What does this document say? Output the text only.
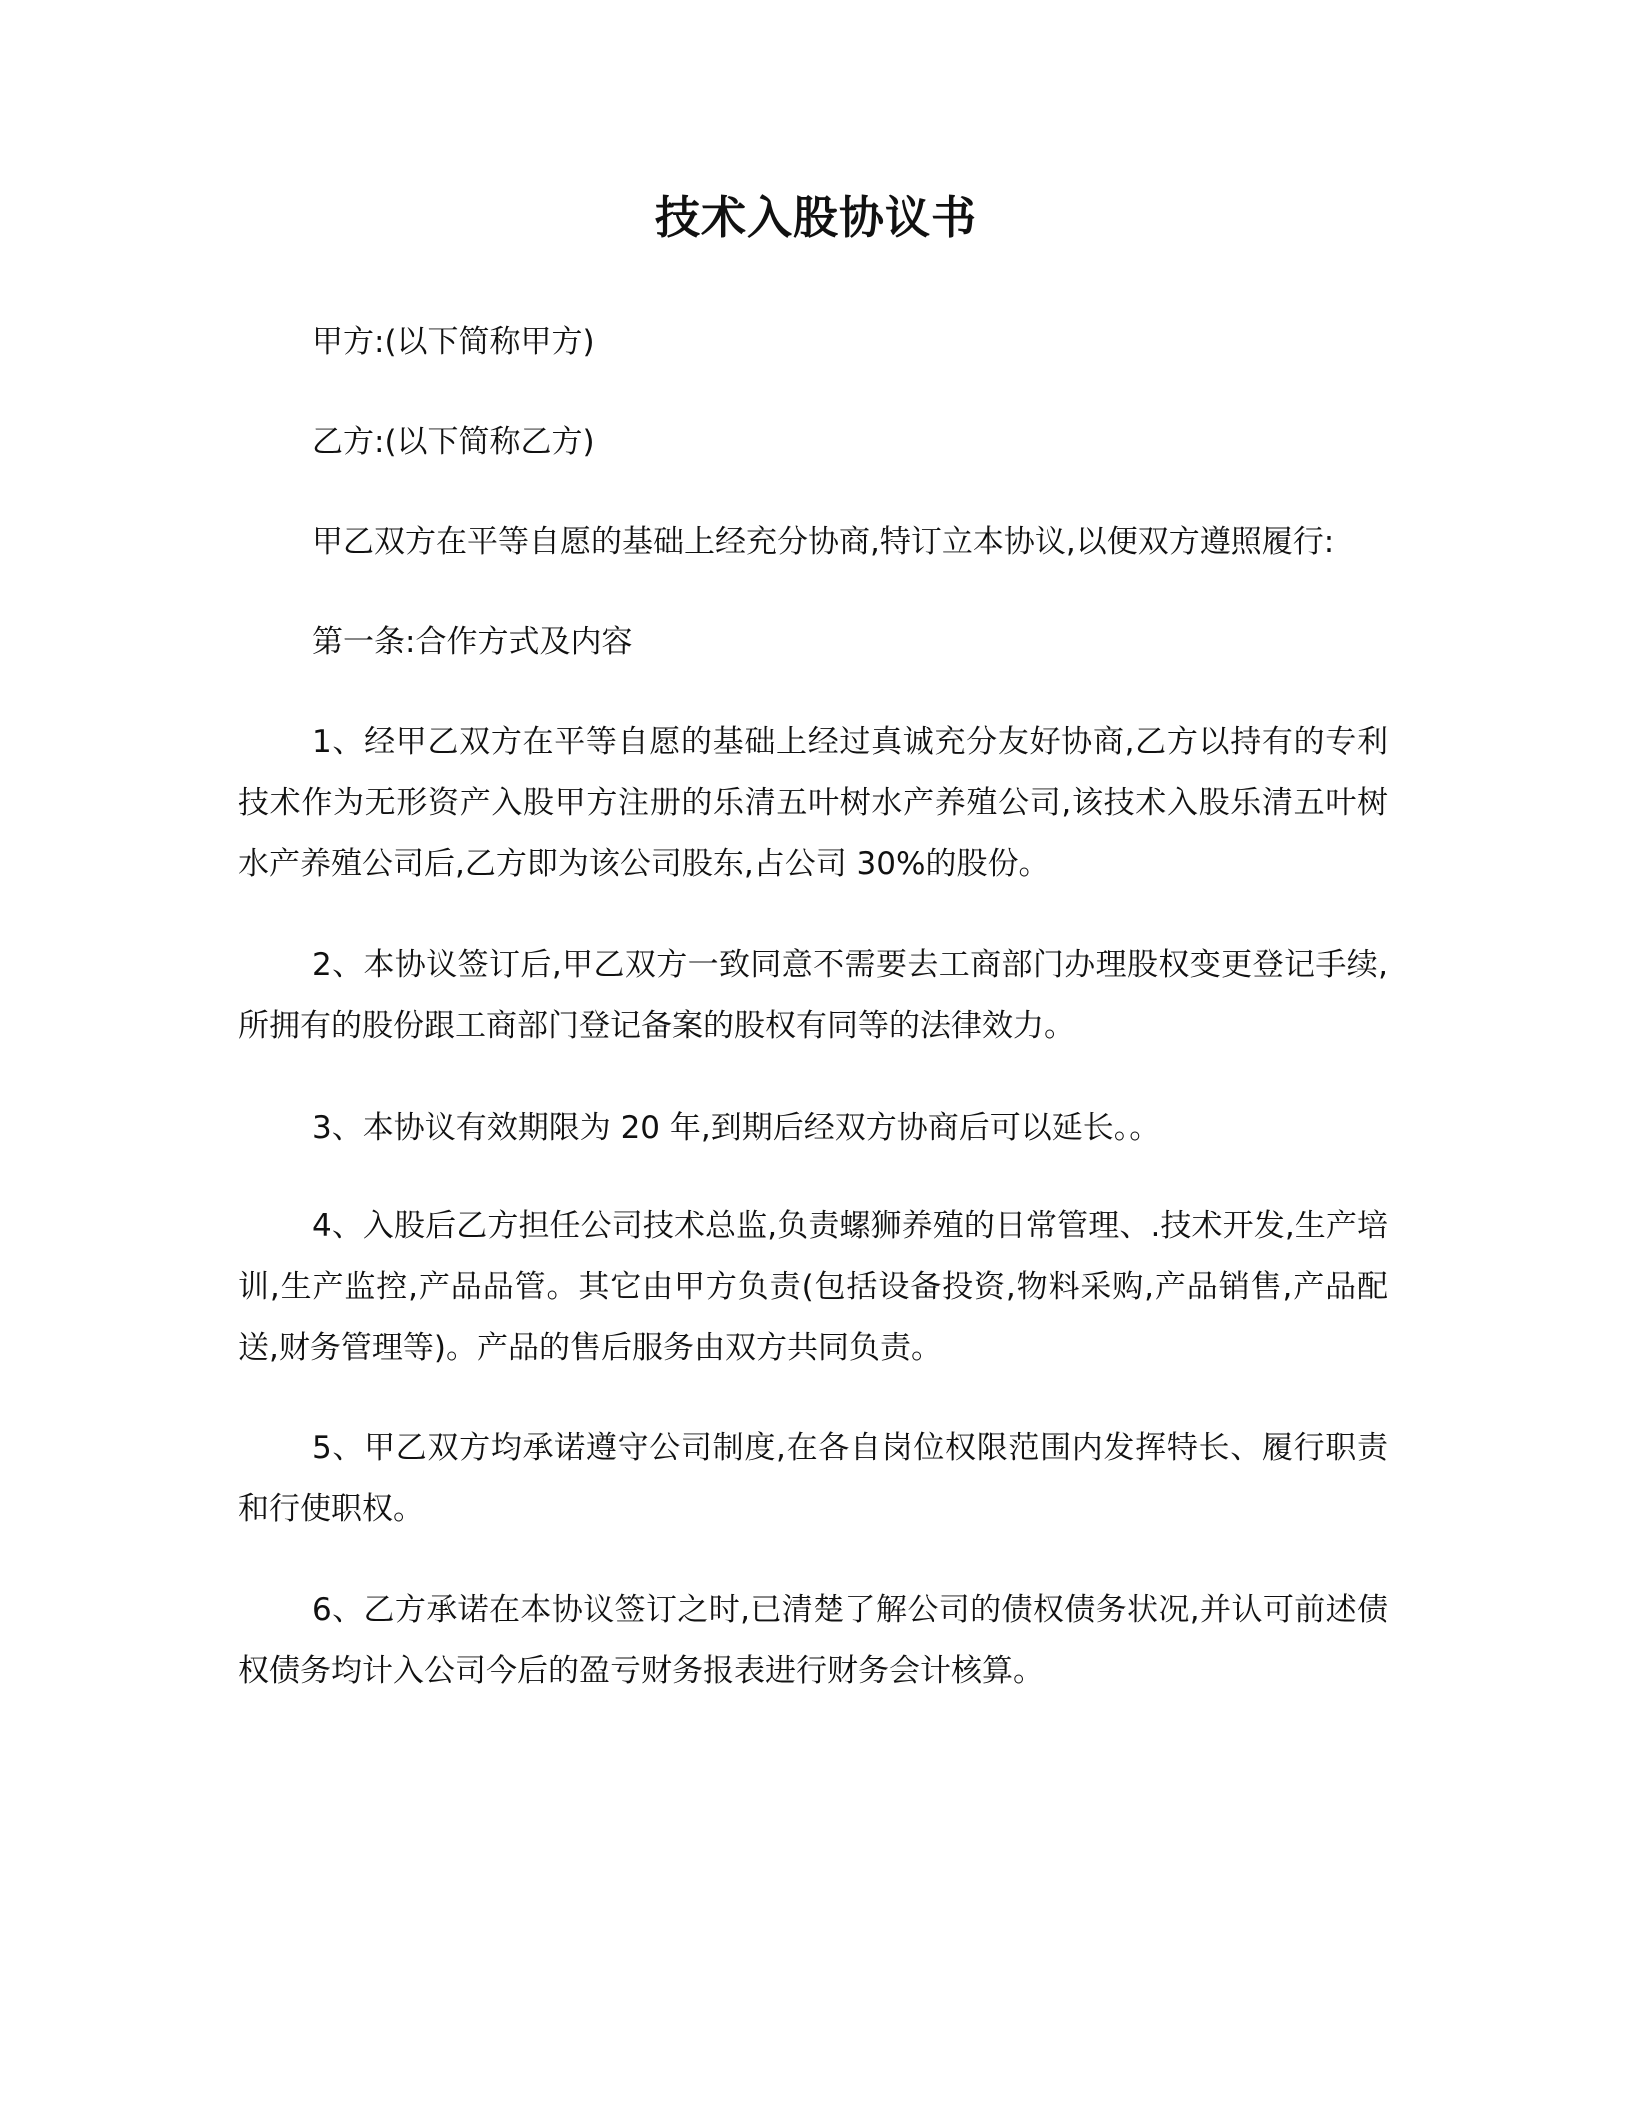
技术入股协议书

甲方:(以下简称甲方)

乙方:(以下简称乙方)

甲乙双方在平等自愿的基础上经充分协商,特订立本协议,以便双方遵照履行:

第一条:合作方式及内容

1、经甲乙双方在平等自愿的基础上经过真诚充分友好协商,乙方以持有的专利技术作为无形资产入股甲方注册的乐清五叶树水产养殖公司,该技术入股乐清五叶树水产养殖公司后,乙方即为该公司股东,占公司 30%的股份。

2、本协议签订后,甲乙双方一致同意不需要去工商部门办理股权变更登记手续,所拥有的股份跟工商部门登记备案的股权有同等的法律效力。

3、本协议有效期限为 20 年,到期后经双方协商后可以延长。。

4、入股后乙方担任公司技术总监,负责螺狮养殖的日常管理、.技术开发,生产培训,生产监控,产品品管。其它由甲方负责(包括设备投资,物料采购,产品销售,产品配送,财务管理等)。产品的售后服务由双方共同负责。

5、甲乙双方均承诺遵守公司制度,在各自岗位权限范围内发挥特长、履行职责和行使职权。

6、乙方承诺在本协议签订之时,已清楚了解公司的债权债务状况,并认可前述债权债务均计入公司今后的盈亏财务报表进行财务会计核算。
